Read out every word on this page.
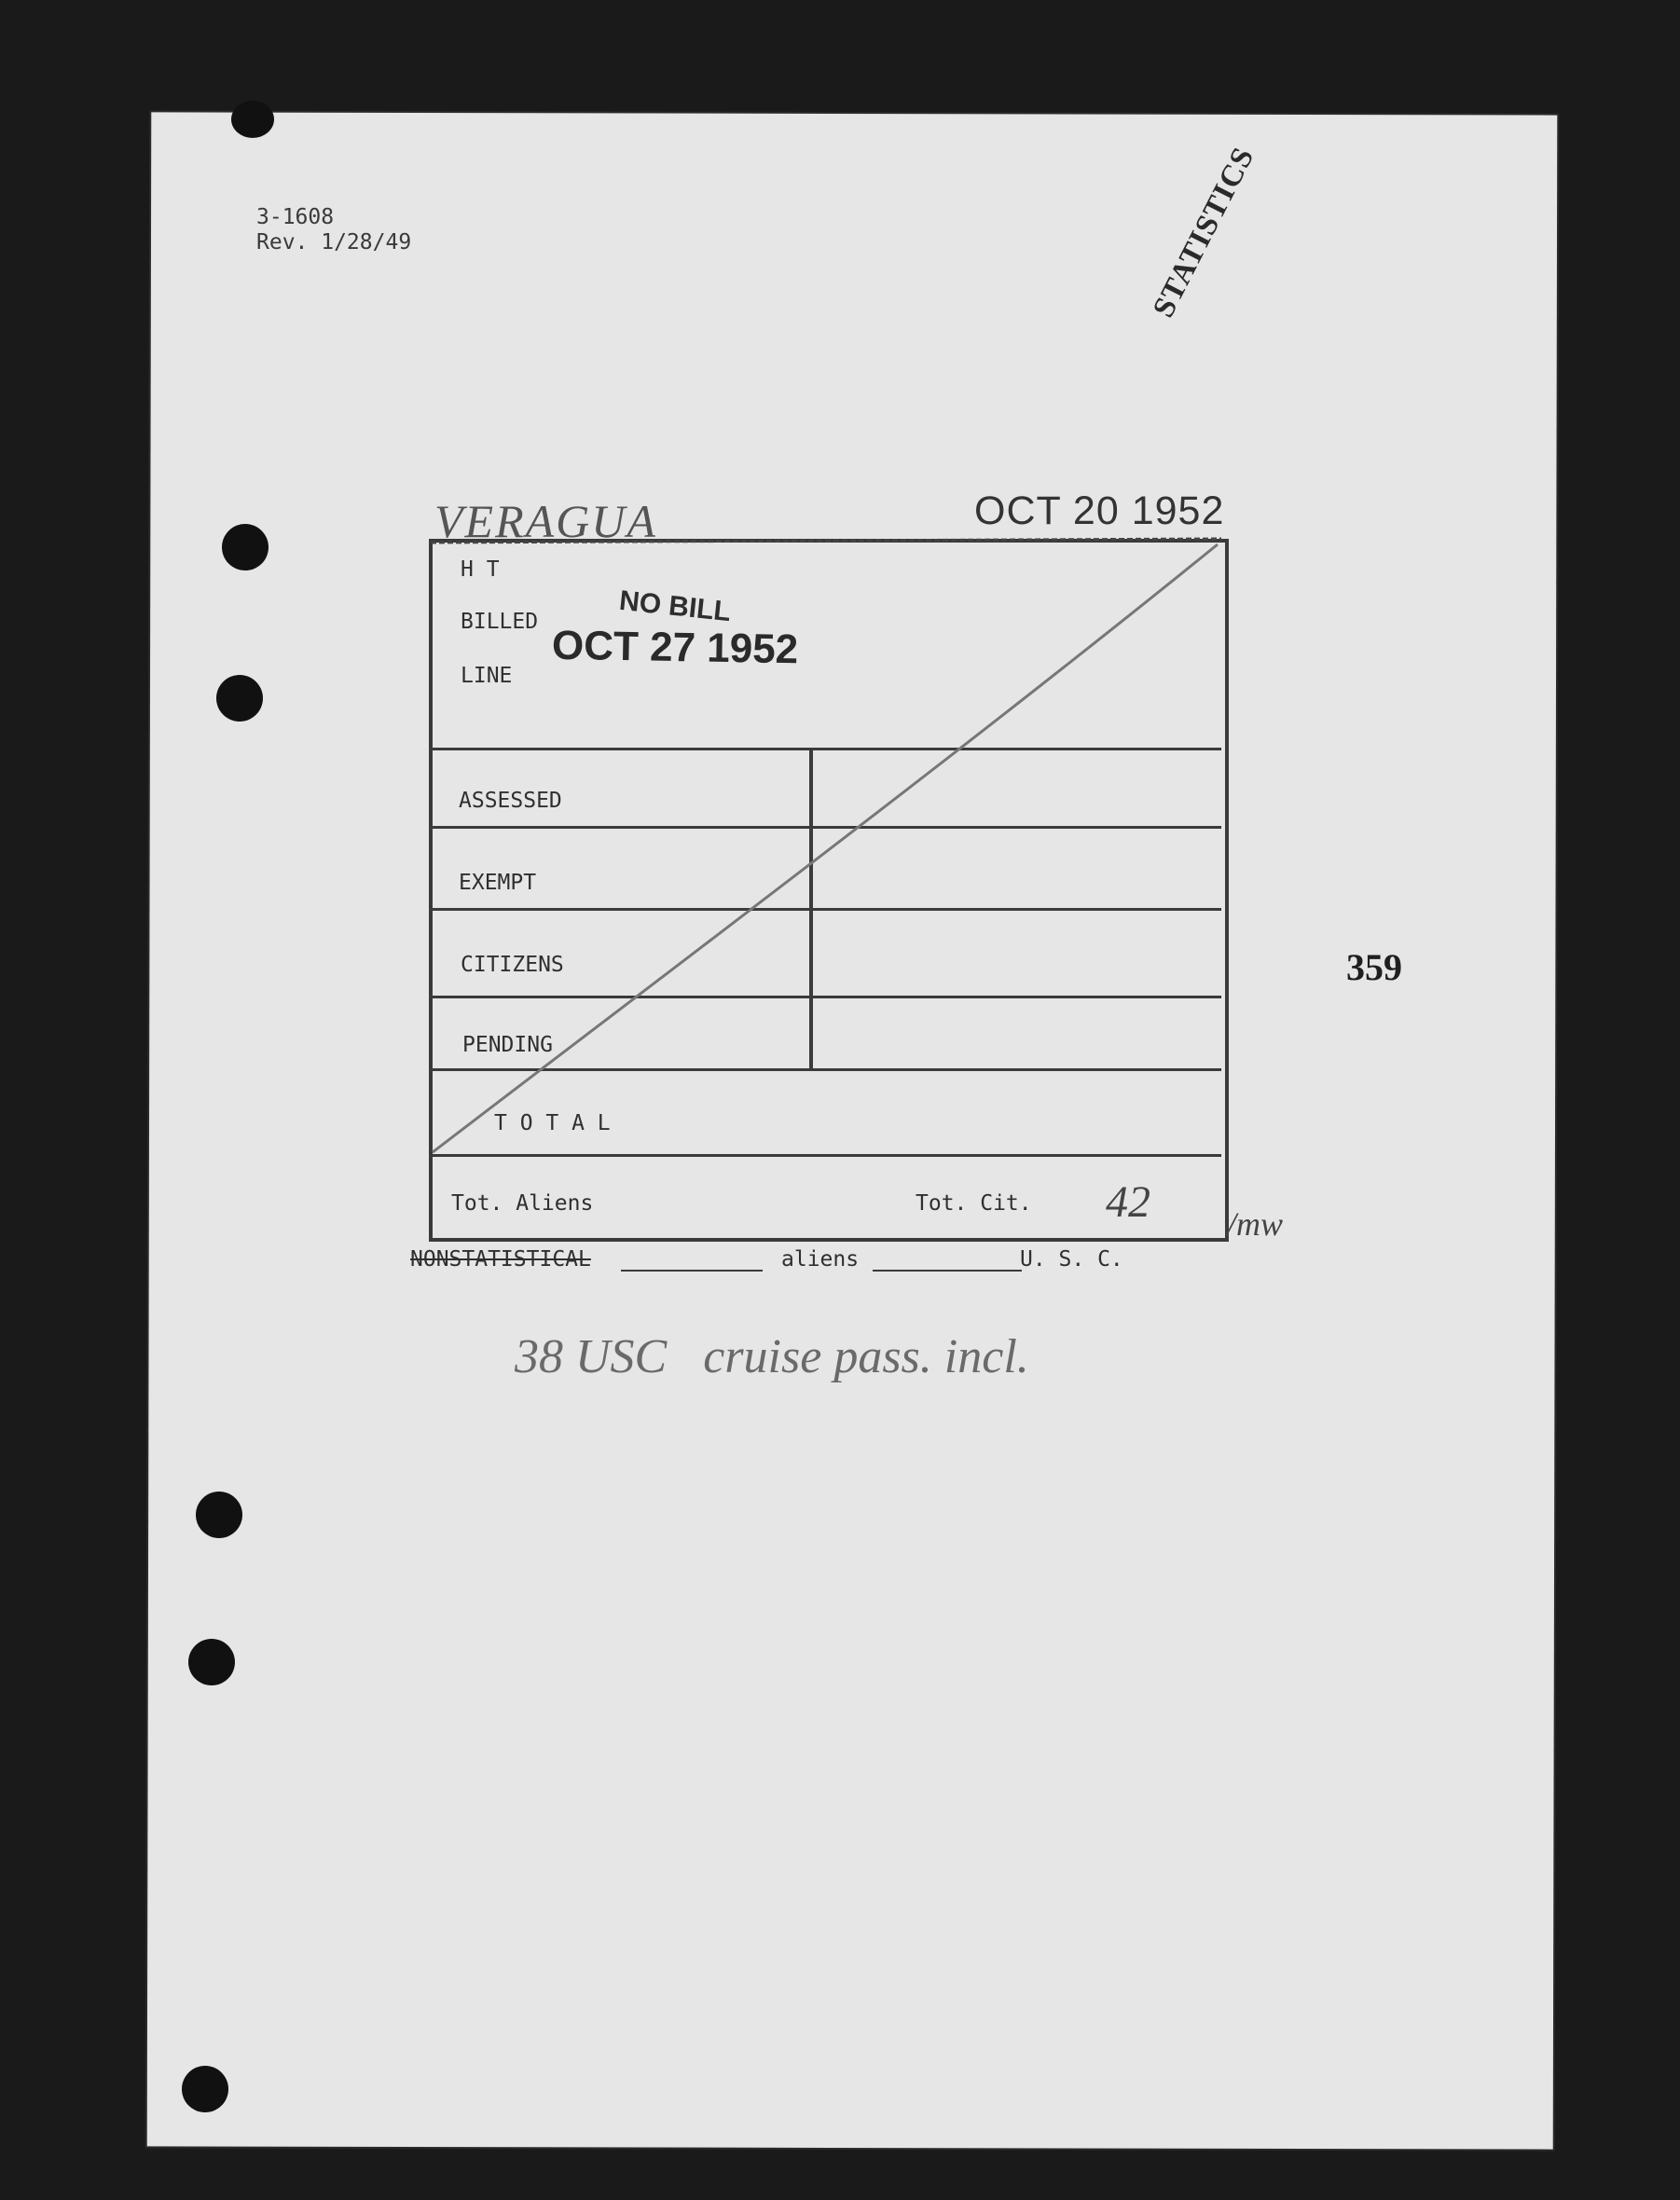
3-1608
Rev. 1/28/49	STATISTICS
VERAGUA	OCT 20 1952
H T
BILLED
LINE
NO BILL
OCT 27 1952
ASSESSED
EXEMPT
CITIZENS
PENDING
T O T A L
Tot. Aliens	Tot. Cit. 42 /mw
NONSTATISTICAL	aliens	U. S. C.
38 USC   cruise pass. incl.
359
